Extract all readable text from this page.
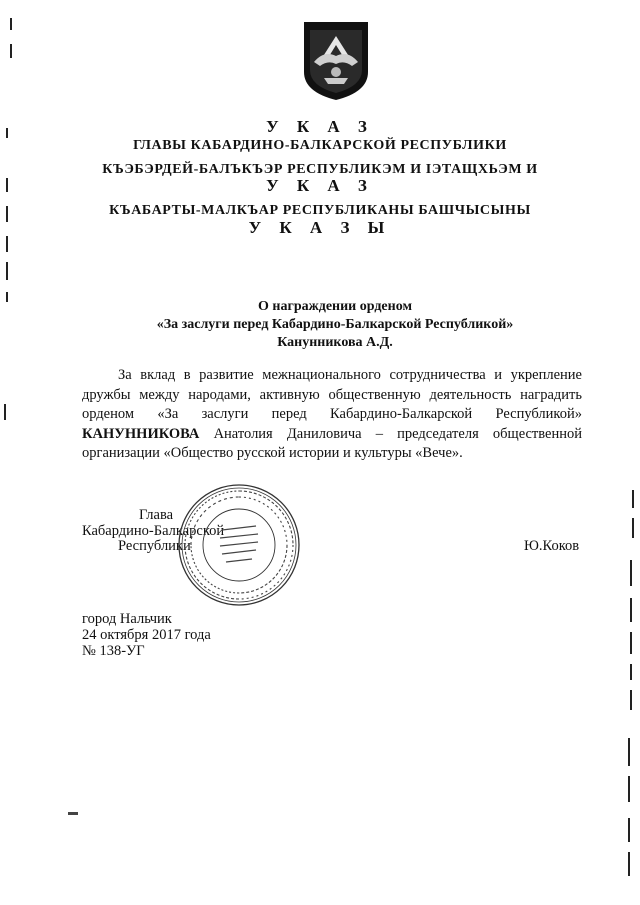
У К А З
ГЛАВЫ КАБАРДИНО-БАЛКАРСКОЙ РЕСПУБЛИКИ
КЪЭБЭРДЕЙ-БАЛЪКЪЭР РЕСПУБЛИКЭМ И ІЭТАЩХЬЭМ И
У К А З
КЪАБАРТЫ-МАЛКЪАР РЕСПУБЛИКАНЫ БАШЧЫСЫНЫ
У К А З Ы
О награждении орденом
«За заслуги перед Кабардино-Балкарской Республикой»
Канунникова А.Д.

За вклад в развитие межнационального сотрудничества и укрепление дружбы между народами, активную общественную деятельность наградить орденом «За заслуги перед Кабардино-Балкарской Республикой» КАНУННИКОВА Анатолия Даниловича – председателя общественной организации «Общество русской истории и культуры «Вече».

Глава
Кабардино-Балкарской
Республики	Ю.Коков
город Нальчик
24 октября 2017 года
№ 138-УГ
